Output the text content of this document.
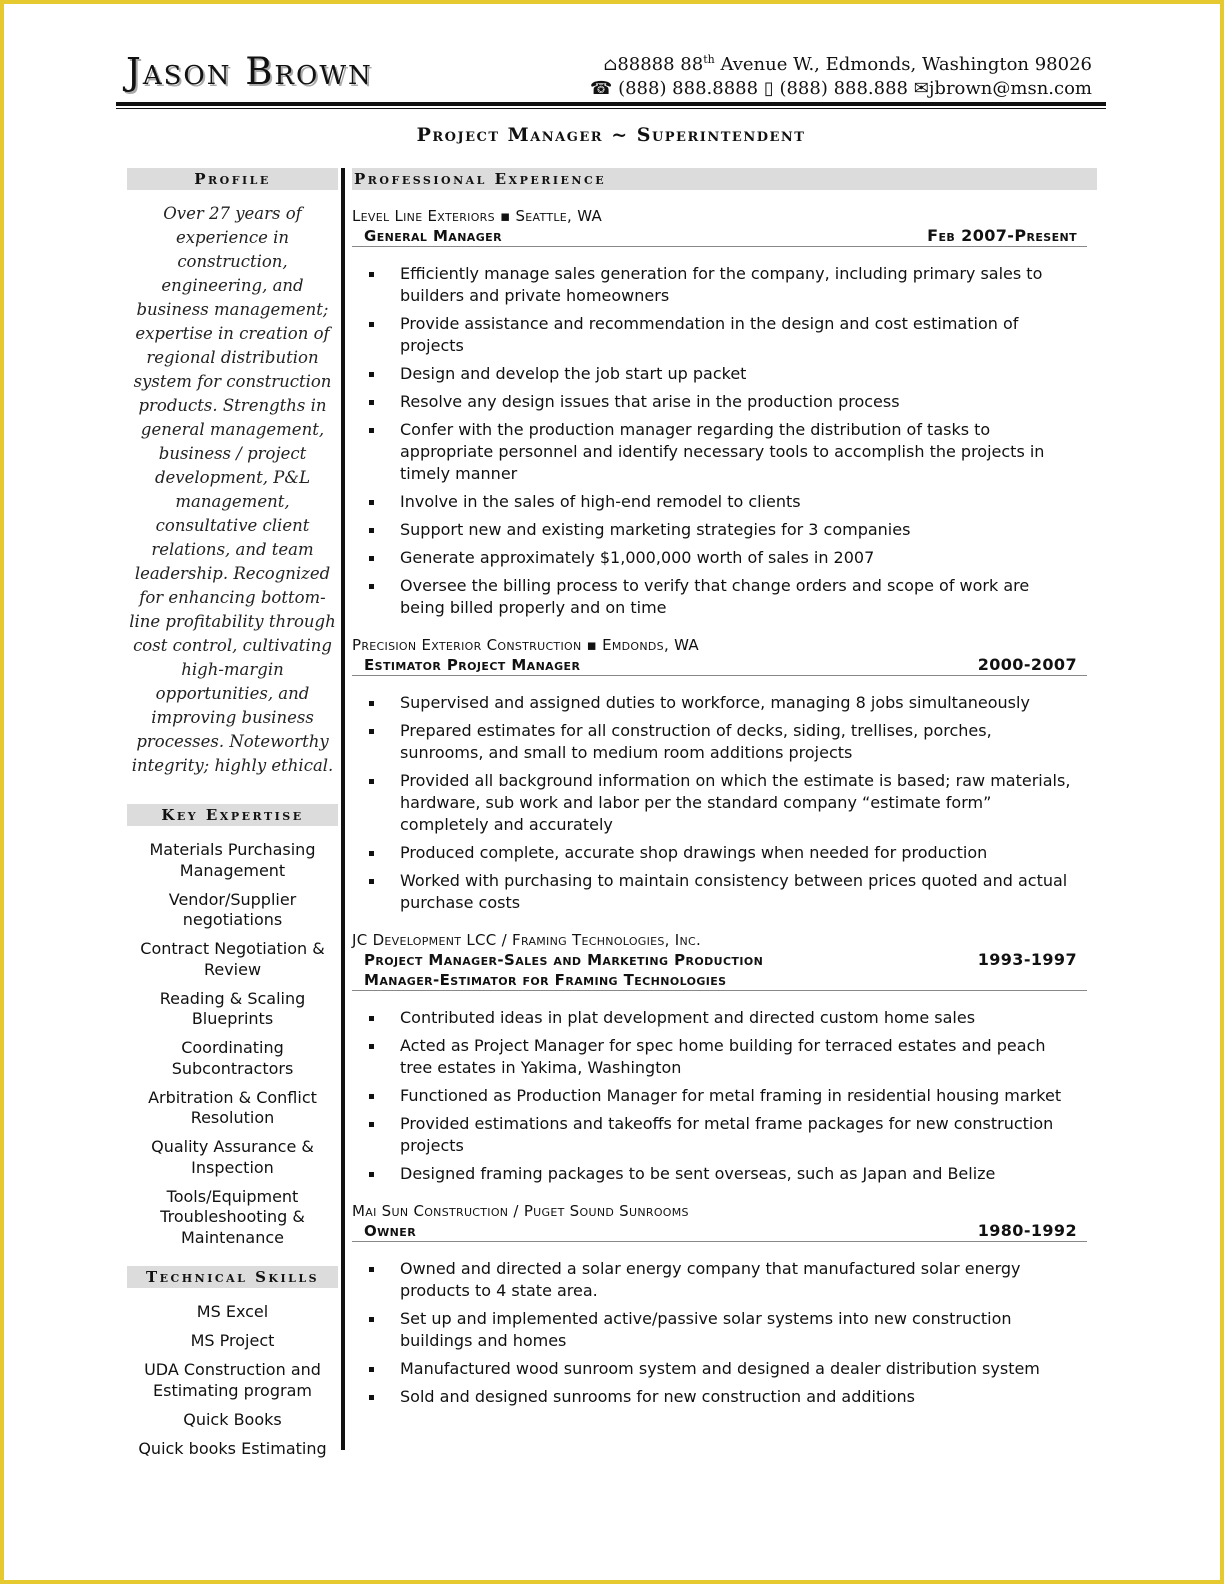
Jason Brown	⌂88888 88th Avenue W., Edmonds, Washington 98026
☎ (888) 888.8888 ▯ (888) 888.888 ✉jbrown@msn.com
Project Manager ~ Superintendent
Profile

Over 27 years of experience in construction, engineering, and business management; expertise in creation of regional distribution system for construction products. Strengths in general management, business / project development, P&L management, consultative client relations, and team leadership. Recognized for enhancing bottom-line profitability through cost control, cultivating high-margin opportunities, and improving business processes. Noteworthy integrity; highly ethical.

Key Expertise
Materials Purchasing Management
Vendor/Supplier negotiations
Contract Negotiation & Review
Reading & Scaling Blueprints
Coordinating Subcontractors
Arbitration & Conflict Resolution
Quality Assurance & Inspection
Tools/Equipment Troubleshooting & Maintenance
Technical Skills
MS Excel
MS Project
UDA Construction and Estimating program
Quick Books
Quick books Estimating
Professional Experience
Level Line Exteriors ▪ Seattle, WA
General Manager	Feb 2007-Present
Efficiently manage sales generation for the company, including primary sales to builders and private homeowners
Provide assistance and recommendation in the design and cost estimation of projects
Design and develop the job start up packet
Resolve any design issues that arise in the production process
Confer with the production manager regarding the distribution of tasks to appropriate personnel and identify necessary tools to accomplish the projects in timely manner
Involve in the sales of high-end remodel to clients
Support new and existing marketing strategies for 3 companies
Generate approximately $1,000,000 worth of sales in 2007
Oversee the billing process to verify that change orders and scope of work are being billed properly and on time
Precision Exterior Construction ▪ Emdonds, WA
Estimator Project Manager	2000-2007
Supervised and assigned duties to workforce, managing 8 jobs simultaneously
Prepared estimates for all construction of decks, siding, trellises, porches, sunrooms, and small to medium room additions projects
Provided all background information on which the estimate is based; raw materials, hardware, sub work and labor per the standard company “estimate form” completely and accurately
Produced complete, accurate shop drawings when needed for production
Worked with purchasing to maintain consistency between prices quoted and actual purchase costs
JC Development LCC / Framing Technologies, Inc.
Project Manager-Sales and Marketing Production Manager-Estimator for Framing Technologies
1993-1997
Contributed ideas in plat development and directed custom home sales
Acted as Project Manager for spec home building for terraced estates and peach tree estates in Yakima, Washington
Functioned as Production Manager for metal framing in residential housing market
Provided estimations and takeoffs for metal frame packages for new construction projects
Designed framing packages to be sent overseas, such as Japan and Belize
Mai Sun Construction / Puget Sound Sunrooms
Owner	1980-1992
Owned and directed a solar energy company that manufactured solar energy products to 4 state area.
Set up and implemented active/passive solar systems into new construction buildings and homes
Manufactured wood sunroom system and designed a dealer distribution system
Sold and designed sunrooms for new construction and additions
